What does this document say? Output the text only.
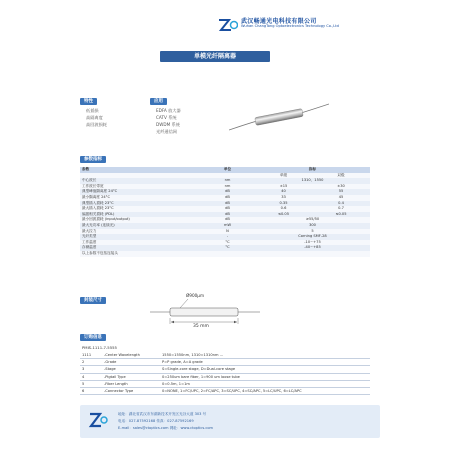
武汉畅通光电科技有限公司
Wuhan ChangTong Optoelectronics Technology Co.,Ltd
单模光纤隔离器
特性	应用
低插损
高隔离度
高回波损耗
EDFA 放大器
CATV 系统
DWDM 系统
光纤通信网
参数指标
参数	单位	指标	
		单级	双级
中心波长	nm	1310、1550	
工作波长带宽	nm	±15	±30
典型峰值隔离度 24°C	dB	40	55
最小隔离度 24°C	dB	33	45
典型插入损耗 23°C	dB	0.35	0.4
最大插入损耗 23°C	dB	0.6	0.7
偏振相关损耗 (PDL)	dB	≤0.05	≤0.05
最小回波损耗 (input/output)	dB	≥55/50	
最大光功率 (连续光)	mW	300	
最大拉力	N	5	
光纤类型	-	Corning SMF-28	
工作温度	°C	-10~+75	
存储温度	°C	-40~+85	
以上参数不包括连接头			
封装尺寸
Ø900μm
35 mm
订购信息
PMIS-1111-7-5555
1111	-Center Wavelength	1550=1550nm, 1310=1310nm ...
2	-Grade	P=P grade, A=A grade
3	-Stage	S=Single-core stage, D=Dual-core stage
4	-Pigtail Type	0=250um bare fiber, 1=900 um loose tube
5	-Fiber Length	0=0.5m, 1=1m
6	-Connector Type	0=NONE, 1=FC/UPC, 2=FC/APC, 3=SC/UPC, 4=SC/APC, 5=LC/UPC, 6=LC/APC
地址：湖北省武汉市东湖新技术开发区光谷大道 303 号
电话：027-87592168 传真：027-87592169
E-mail：sales@ctoptics.com 网址：www.ctoptics.com
